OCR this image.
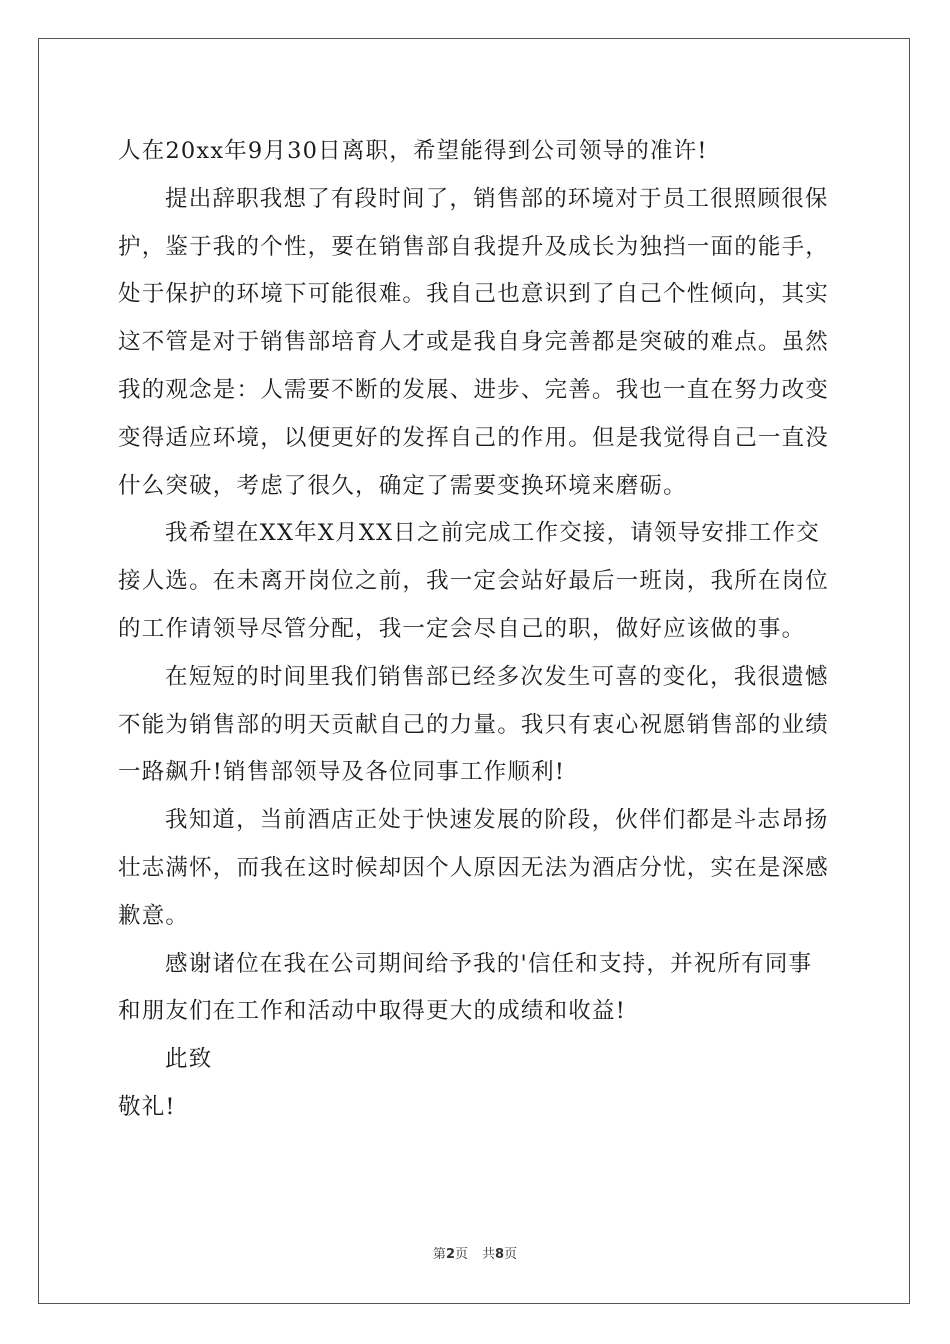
人在20xx年9月30日离职，希望能得到公司领导的准许!
提出辞职我想了有段时间了，销售部的环境对于员工很照顾很保
护，鉴于我的个性，要在销售部自我提升及成长为独挡一面的能手，
处于保护的环境下可能很难。我自己也意识到了自己个性倾向，其实
这不管是对于销售部培育人才或是我自身完善都是突破的难点。虽然
我的观念是：人需要不断的发展、进步、完善。我也一直在努力改变
变得适应环境，以便更好的发挥自己的作用。但是我觉得自己一直没
什么突破，考虑了很久，确定了需要变换环境来磨砺。
我希望在XX年X月XX日之前完成工作交接，请领导安排工作交
接人选。在未离开岗位之前，我一定会站好最后一班岗，我所在岗位
的工作请领导尽管分配，我一定会尽自己的职，做好应该做的事。
在短短的时间里我们销售部已经多次发生可喜的变化，我很遗憾
不能为销售部的明天贡献自己的力量。我只有衷心祝愿销售部的业绩
一路飙升!销售部领导及各位同事工作顺利!
我知道，当前酒店正处于快速发展的阶段，伙伴们都是斗志昂扬
壮志满怀，而我在这时候却因个人原因无法为酒店分忧，实在是深感
歉意。
感谢诸位在我在公司期间给予我的'信任和支持，并祝所有同事
和朋友们在工作和活动中取得更大的成绩和收益!
此致
敬礼!
第2页 共8页
